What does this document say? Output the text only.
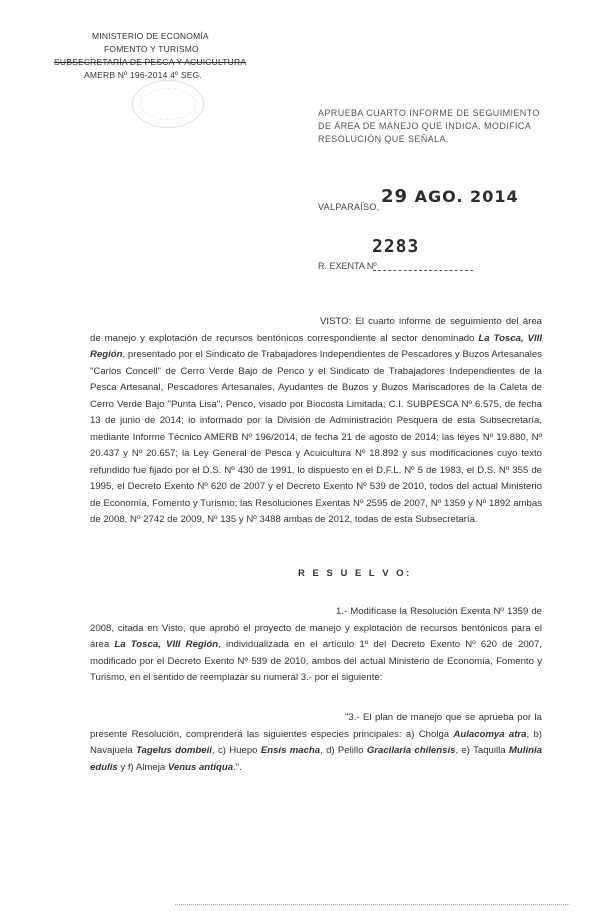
MINISTERIO DE ECONOMÍA
FOMENTO Y TURISMO
SUBSECRETARÍA DE PESCA Y ACUICULTURA
AMERB Nº 196-2014 4º SEG.
APRUEBA CUARTO INFORME DE SEGUIMIENTO DE ÁREA DE MANEJO QUE INDICA. MODIFICA RESOLUCIÓN QUE SEÑALA.
29 AGO. 2014
VALPARAÍSO,
2283
R. EXENTA Nº
VISTO: El cuarto informe de seguimiento del área de manejo y explotación de recursos bentónicos correspondiente al sector denominado La Tosca, VIII Región, presentado por el Sindicato de Trabajadores Independientes de Pescadores y Buzos Artesanales "Carlos Concell" de Cerro Verde Bajo de Penco y el Sindicato de Trabajadores Independientes de la Pesca Artesanal, Pescadores Artesanales, Ayudantes de Buzos y Buzos Mariscadores de la Caleta de Cerro Verde Bajo "Punta Lisa", Penco, visado por Biocosta Limitada; C.I. SUBPESCA Nº 6.575, de fecha 13 de junio de 2014; lo informado por la División de Administración Pesquera de esta Subsecretaría, mediante Informe Técnico AMERB Nº 196/2014, de fecha 21 de agosto de 2014; las leyes Nº 19.880, Nº 20.437 y Nº 20.657; la Ley General de Pesca y Acuicultura Nº 18.892 y sus modificaciones cuyo texto refundido fue fijado por el D.S. Nº 430 de 1991, lo dispuesto en el D.F.L. Nº 5 de 1983, el D.S. Nº 355 de 1995, el Decreto Exento Nº 620 de 2007 y el Decreto Exento Nº 539 de 2010, todos del actual Ministerio de Economía, Fomento y Turismo; las Resoluciones Exentas Nº 2595 de 2007, Nº 1359 y Nº 1892 ambas de 2008, Nº 2742 de 2009, Nº 135 y Nº 3488 ambas de 2012, todas de esta Subsecretaría.
R E S U E L V O:
1.- Modifícase la Resolución Exenta Nº 1359 de 2008, citada en Visto, que aprobó el proyecto de manejo y explotación de recursos bentónicos para el área La Tosca, VIII Región, individualizada en el artículo 1º del Decreto Exento Nº 620 de 2007, modificado por el Decreto Exento Nº 539 de 2010, ambos del actual Ministerio de Economía, Fomento y Turismo, en el sentido de reemplazar su numeral 3.- por el siguiente:
"3.- El plan de manejo que se aprueba por la presente Resolución, comprenderá las siguientes especies principales: a) Cholga Aulacomya atra, b) Navajuela Tagelus dombeii, c) Huepo Ensis macha, d) Pelillo Gracilaria chilensis, e) Taquilla Mulinia edulis y f) Almeja Venus antiqua.".
